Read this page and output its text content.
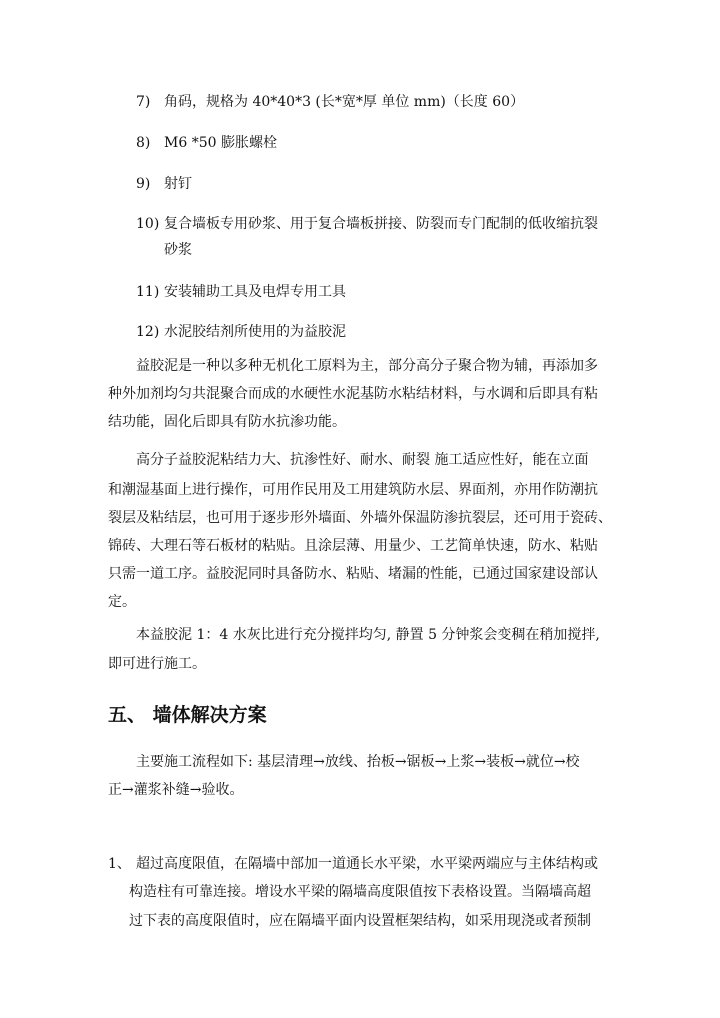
7) 角码，规格为 40*40*3 (长*宽*厚 单位 mm)（长度 60）
8) M6 *50 膨胀螺栓
9) 射钉
10) 复合墙板专用砂浆、用于复合墙板拼接、防裂而专门配制的低收缩抗裂
砂浆
11) 安装辅助工具及电焊专用工具
12) 水泥胶结剂所使用的为益胶泥
益胶泥是一种以多种无机化工原料为主，部分高分子聚合物为辅，再添加多
种外加剂均匀共混聚合而成的水硬性水泥基防水粘结材料，与水调和后即具有粘
结功能，固化后即具有防水抗渗功能。
高分子益胶泥粘结力大、抗渗性好、耐水、耐裂 施工适应性好，能在立面
和潮湿基面上进行操作，可用作民用及工用建筑防水层、界面剂，亦用作防潮抗
裂层及粘结层，也可用于逐步形外墙面、外墙外保温防渗抗裂层，还可用于瓷砖、
锦砖、大理石等石板材的粘贴。且涂层薄、用量少、工艺简单快速，防水、粘贴
只需一道工序。益胶泥同时具备防水、粘贴、堵漏的性能，已通过国家建设部认
定。
本益胶泥 1：4 水灰比进行充分搅拌均匀, 静置 5 分钟浆会变稠在稍加搅拌,
即可进行施工。
五、 墙体解决方案
主要施工流程如下: 基层清理→放线、抬板→锯板→上浆→装板→就位→校
正→灌浆补缝→验收。
1、 超过高度限值，在隔墙中部加一道通长水平梁，水平梁两端应与主体结构或
构造柱有可靠连接。增设水平梁的隔墙高度限值按下表格设置。当隔墙高超
过下表的高度限值时，应在隔墙平面内设置框架结构，如采用现浇或者预制
